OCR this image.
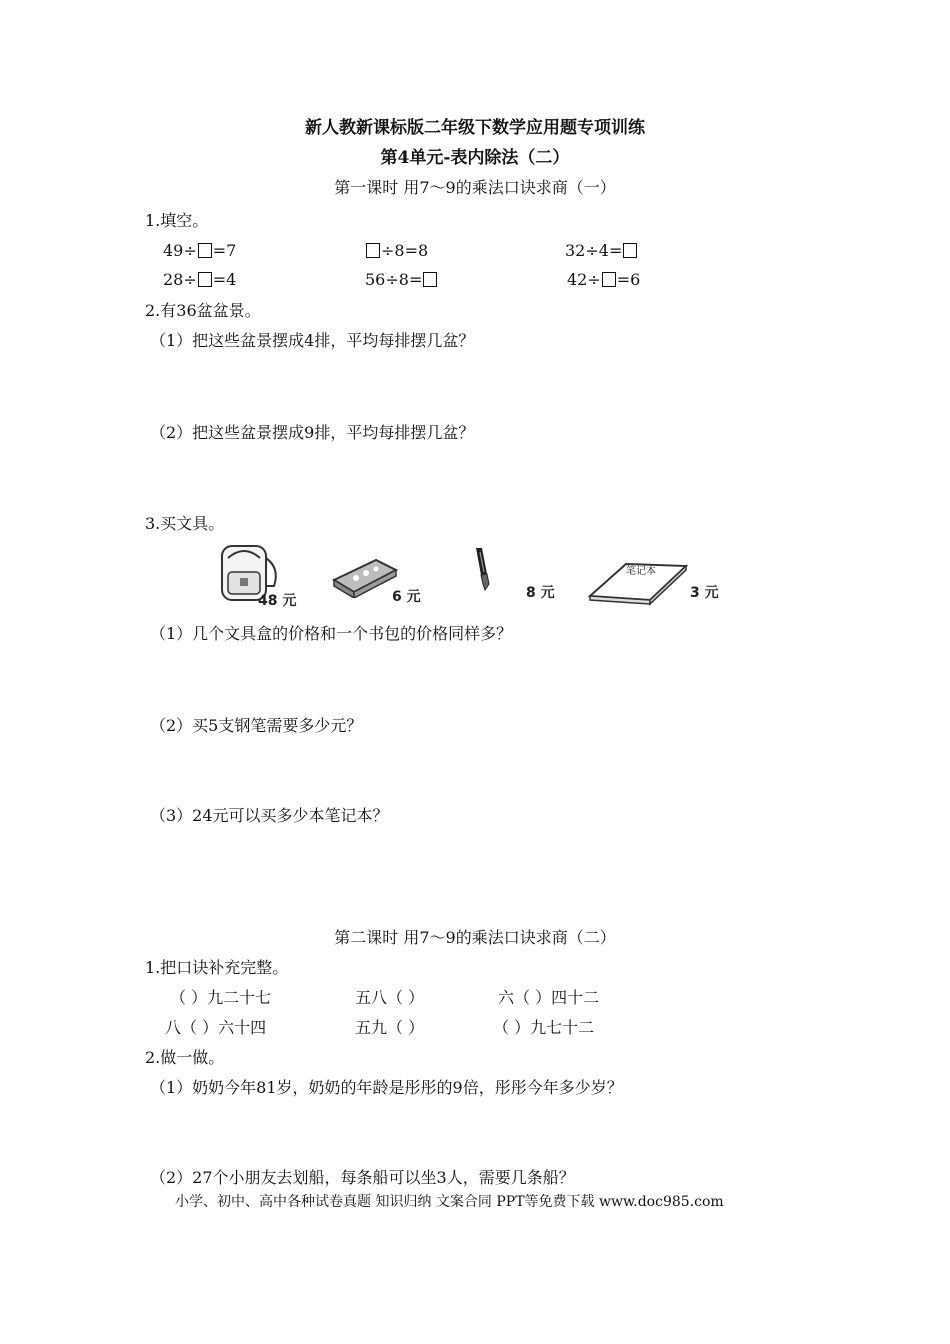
新人教新课标版二年级下数学应用题专项训练
第4单元-表内除法（二）
第一课时 用7～9的乘法口诀求商（一）
1.填空。
49÷ =7	÷8=8	32÷4=
28÷ =4	56÷8=	42÷ =6
2.有36盆盆景。
（1）把这些盆景摆成4排，平均每排摆几盆？
（2）把这些盆景摆成9排，平均每排摆几盆？
3.买文具。
48 元	6 元	8 元
笔记本
3 元
（1）几个文具盒的价格和一个书包的价格同样多？
（2）买5支钢笔需要多少元？
（3）24元可以买多少本笔记本？
第二课时 用7～9的乘法口诀求商（二）
1.把口诀补充完整。
（ ）九二十七	五八（ ）	六（ ）四十二
八（ ）六十四	五九（ ）	（ ）九七十二
2.做一做。
（1）奶奶今年81岁，奶奶的年龄是彤彤的9倍，彤彤今年多少岁？
（2）27个小朋友去划船，每条船可以坐3人，需要几条船？
小学、初中、高中各种试卷真题 知识归纳 文案合同 PPT等免费下载 www.doc985.com
